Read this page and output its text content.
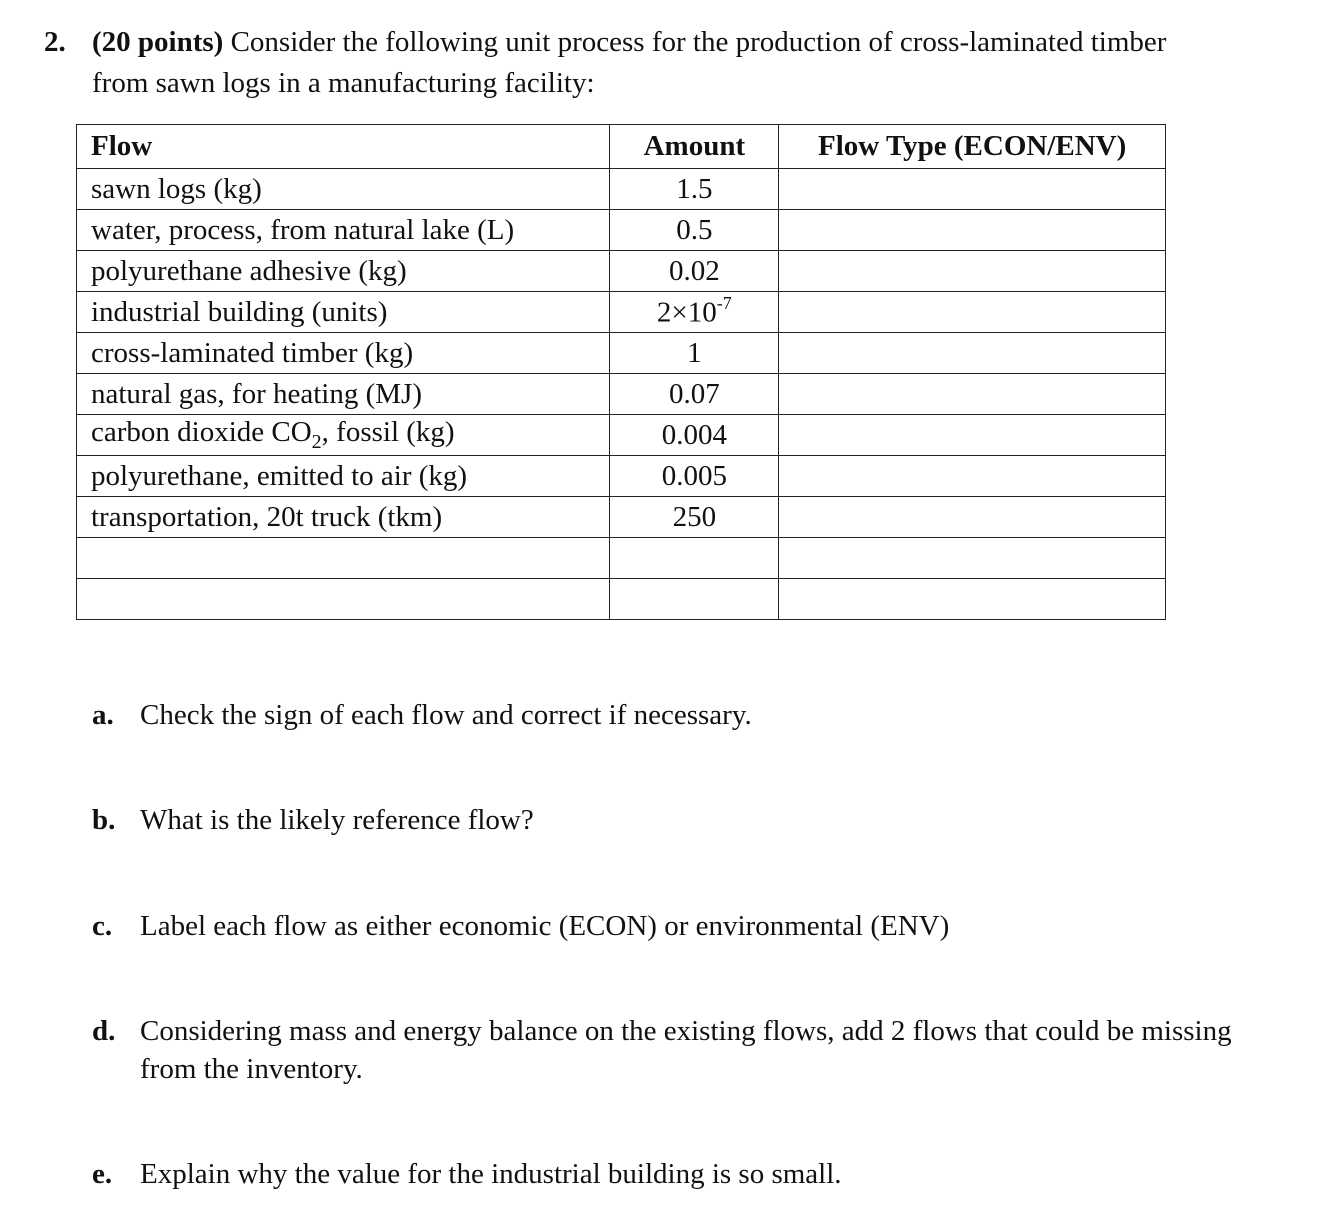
2. (20 points) Consider the following unit process for the production of cross-laminated timber
from sawn logs in a manufacturing facility:
Flow	Amount	Flow Type (ECON/ENV)
sawn logs (kg)	1.5	
water, process, from natural lake (L)	0.5	
polyurethane adhesive (kg)	0.02	
industrial building (units)	$2\times 10^{-7}$	
cross-laminated timber (kg)	1	
natural gas, for heating (MJ)	0.07	
carbon dioxide $CO_2$, fossil (kg)	0.004	
polyurethane, emitted to air (kg)	0.005	
transportation, 20t truck (tkm)	250	

a. Check the sign of each flow and correct if necessary.
b. What is the likely reference flow?
c. Label each flow as either economic (ECON) or environmental (ENV)
d. Considering mass and energy balance on the existing flows, add 2 flows that could be missing from the inventory.
e. Explain why the value for the industrial building is so small.
